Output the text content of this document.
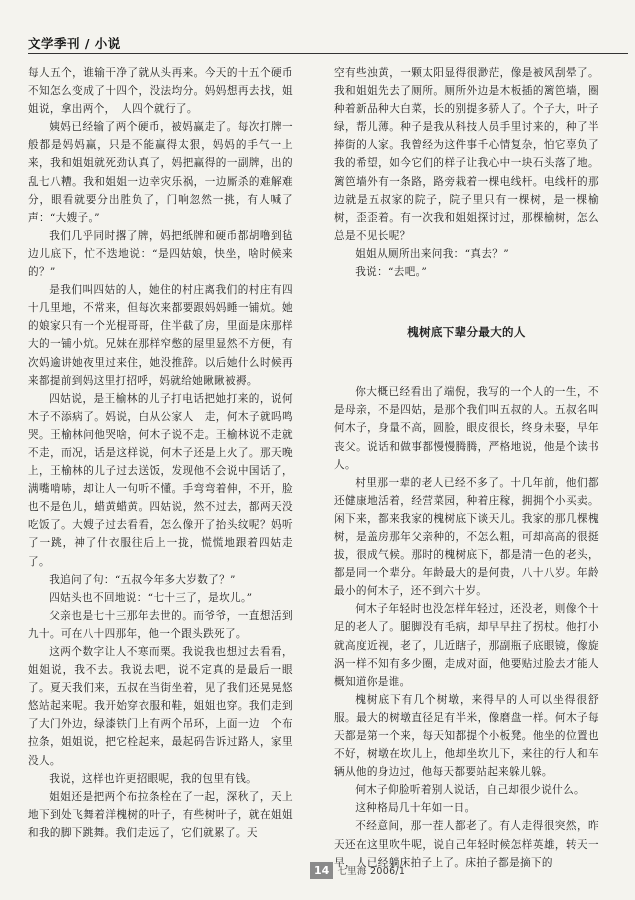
文学季刊 / 小说

每人五个，谁输干净了就从头再来。今天的十五个硬币不知怎么变成了十四个，没法均分。妈妈想再去找，姐姐说，拿出两个，　人四个就行了。

姨妈已经输了两个硬币，被妈赢走了。每次打牌一般都是妈妈赢，只是不能赢得太狠，妈妈的手气一上来，我和姐姐就死劲认真了，妈把赢得的一副牌，出的乱七八糟。我和姐姐一边幸灾乐祸，一边厮杀的难解难分，眼看就要分出胜负了，门响忽然一挑，有人喊了声：“大嫂子。”

我们几乎同时撂了牌，妈把纸牌和硬币都胡噜到毡边儿底下，忙不迭地说：“是四姑娘，快坐，啥时候来的？”

是我们叫四姑的人，她住的村庄离我们的村庄有四十几里地，不常来，但每次来都要跟妈妈睡一铺炕。她的娘家只有一个光棍哥哥，住半截了房，里面是床那样大的一铺小炕。兄妹在那样窄憋的屋里显然不方便，有　次妈逾讲她夜里过来住，她没推辞。以后她什么时候再来都提前到妈这里打招呼，妈就给她瞅瞅被褥。

四姑说，是王榆林的儿子打电话把她打来的，说何木子不添病了。妈说，白从公家人　走，何木子就吗鸣哭。王榆林问他哭啥，何木子说不走。王榆林说不走就不走，而况，话是这样说，何木子还是上火了。那天晚上，王榆林的儿子过去送饭，发现他不会说中国话了，满嘴啃哧，却让人一句听不懂。手弯弯着伸，不开，脸也不是色儿，蜡黄蜡黄。四姑说，然不过去，都两天没吃饭了。大嫂子过去看看，怎么像开了抬头纹呢？妈听了一跳，神了什衣服往后上一拢，慌慌地跟着四姑走了。

我追问了句：“五叔今年多大岁数了？”

四姑头也不回地说：“七十三了，是坎儿。”

父亲也是七十三那年去世的。而爷爷，一直想活到九十。可在八十四那年，他一个跟头跌死了。

这两个数字让人不寒而栗。我说我也想过去看看，姐姐说，我不去。我说去吧，说不定真的是最后一眼了。夏天我们来，五叔在当街坐着，见了我们还晃晃悠悠站起来呢。我开始穿衣服和鞋，姐姐也穿。我们走到了大门外边，绿漆铁门上有两个吊环，上面一边　个布拉条，姐姐说，把它栓起来，最起码告诉过路人，家里没人。

我说，这样也许更招眼呢，我的包里有钱。

姐姐还是把两个布拉条栓在了一起，深秋了，天上地下到处飞舞着洋槐树的叶子，有些树叶子，就在姐姐和我的脚下跳舞。我们走远了，它们就累了。天

空有些浊黄，一颗太阳显得很渺茫，像是被风刮晕了。我和姐姐先去了厕所。厕所外边是木板插的篱笆墙，圈种着新品种大白菜，长的别提多骄人了。个子大，叶子绿，帮儿薄。种子是我从科技人员手里讨来的，种了半捧街的人家。我曾经为这件事千心情复杂，怕它辜负了我的希望，如今它们的样子让我心中一块石头落了地。篱笆墙外有一条路，路旁栽着一棵电线杆。电线杆的那边就是五叔家的院子，院子里只有一棵树，是一棵榆树，歪歪着。有一次我和姐姐探讨过，那棵榆树，怎么总是不见长呢？

姐姐从厕所出来问我：“真去？”

我说：“去吧。”

槐树底下辈分最大的人

你大概已经看出了端倪，我写的一个人的一生，不是母亲，不是四姑，是那个我们叫五叔的人。五叔名叫何木子，身量不高，圆脸，眼皮很长，终身未娶，早年丧父。说话和做事都慢慢腾腾，严格地说，他是个读书人。

村里那一辈的老人已经不多了。十几年前，他们都还健康地活着，经营菜园，种着庄稼，拥拥个小买卖。闲下来，都来我家的槐树底下谈天儿。我家的那几棵槐树，是盖房那年父亲种的，不怎么粗，可却高高的很挺拔，很成气候。那时的槐树底下，都是清一色的老头，都是同一个辈分。年龄最大的是何贵，八十八岁。年龄最小的何木子，还不到六十岁。

何木子年轻时也没怎样年轻过，还没老，则像个十足的老人了。腿脚没有毛病，却早早拄了拐杖。他打小就高度近视，老了，儿近瞎子，那副瓶子底眼镜，像旋涡一样不知有多少圈，走成对面，他要贴过脸去才能人概知道你是谁。

槐树底下有几个树墩，来得早的人可以坐得很舒服。最大的树墩直径足有半米，像磨盘一样。何木子每天都是第一个来，每天知都提个小板凳。他坐的位置也不好，树墩在坎儿上，他却坐坎儿下，来往的行人和车辆从他的身边过，他每天都要站起来躲儿躲。

何木子仰脸听着别人说话，自己却很少说什么。

这种格局几十年如一日。

不经意间，那一茬人都老了。有人走得很突然，昨天还在这里吹牛呢，说自己年轻时候怎样英雄，转天一早，人已经躺床拍子上了。床拍子都是摘下的

14 七里海 2006/1
